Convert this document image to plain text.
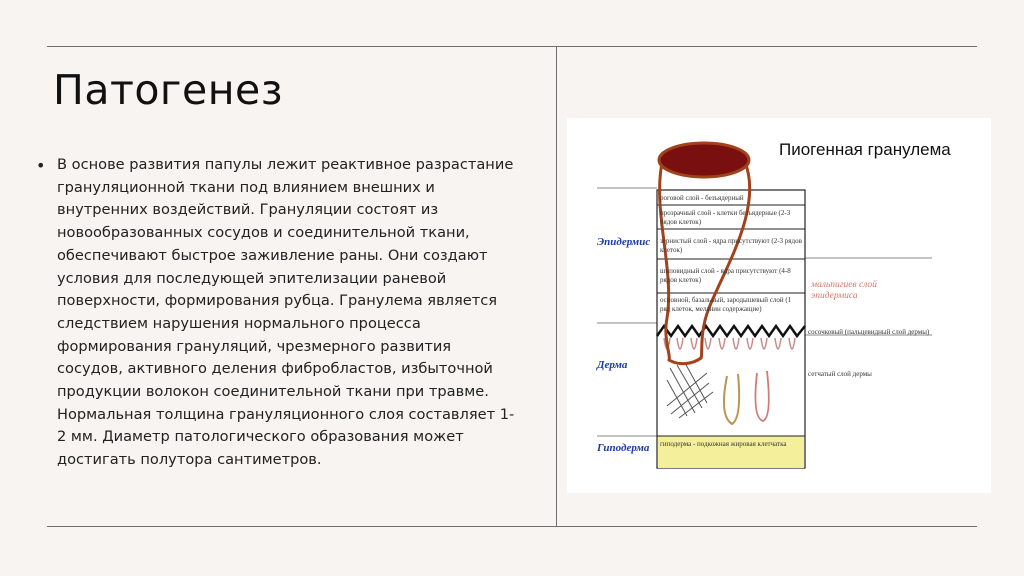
Патогенез
• В основе развития папулы лежит реактивное разрастание грануляционной ткани под влиянием внешних и внутренних воздействий. Грануляции состоят из новообразованных сосудов и соединительной ткани, обеспечивают быстрое заживление раны. Они создают условия для последующей эпителизации раневой поверхности, формирования рубца. Гранулема является следствием нарушения нормального процесса формирования грануляций, чрезмерного развития сосудов, активного деления фибробластов, избыточной продукции волокон соединительной ткани при травме. Нормальная толщина грануляционного слоя составляет 1-2 мм. Диаметр патологического образования может достигать полутора сантиметров.
Пиогенная гранулема
Эпидермис
Дерма
Гиподерма
мальпигиев слой эпидермиса
роговой слой - безъядерный
прозрачный слой - клетки безъядерные (2-3 рядов клеток)
зернистый слой - ядра присутствуют (2-3 рядов клеток)
шиповидный слой - ядра присутствуют (4-8 рядов клеток)
основной, базальный, зародышевый слой (1 ряд клеток, меланин содержащие)
гиподерма - подкожная жировая клетчатка
сосочковый (пальцевидный слой дермы)
сетчатый слой дермы
